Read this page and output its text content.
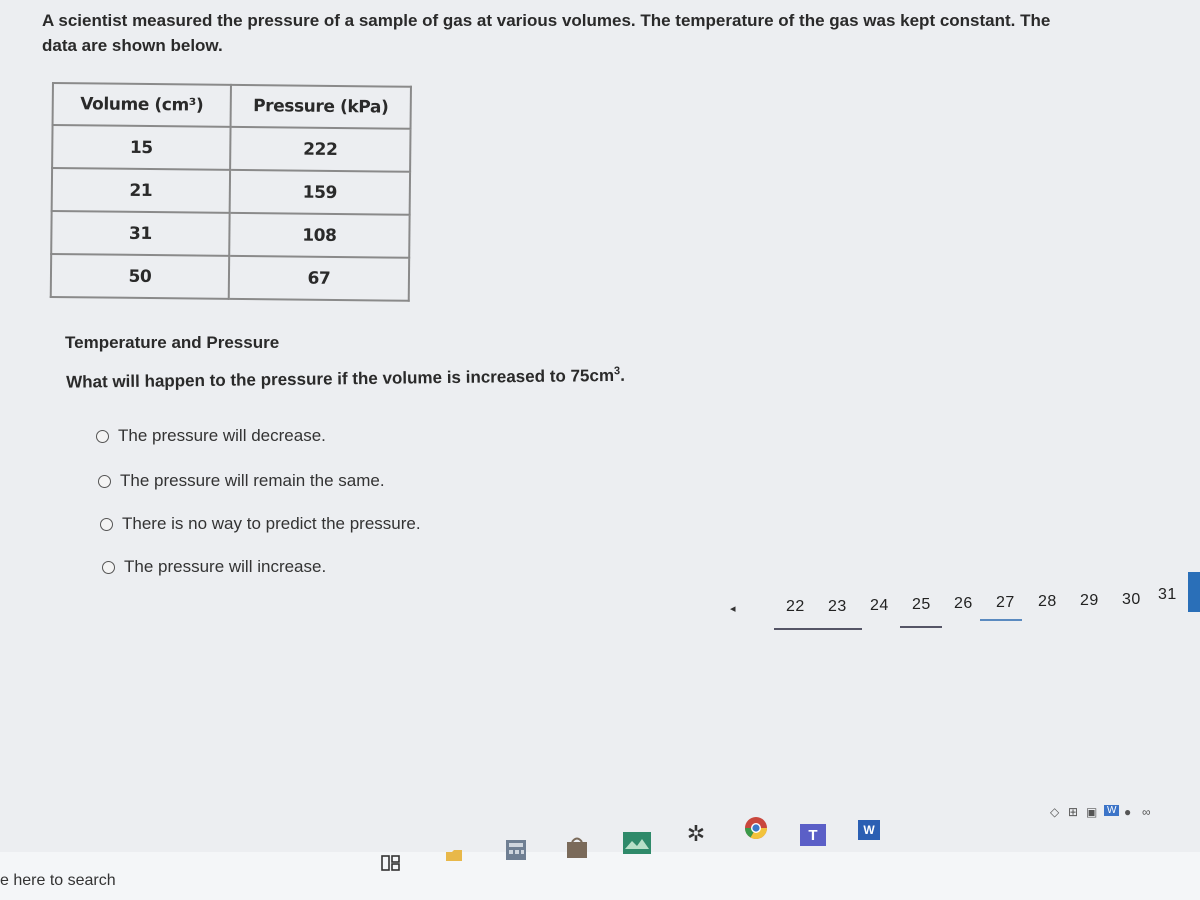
A scientist measured the pressure of a sample of gas at various volumes. The temperature of the gas was kept constant. The
data are shown below.
Volume (cm³)	Pressure (kPa)
15	222
21	159
31	108
50	67
Temperature and Pressure
What will happen to the pressure if the volume is increased to $75cm^3$.
The pressure will decrease.
The pressure will remain the same.
There is no way to predict the pressure.
The pressure will increase.
◂	22 23 24 25 26 27 28 29 30 31
e here to search
✲	T	W
◇ ⊞ ▣ W ● ∞
